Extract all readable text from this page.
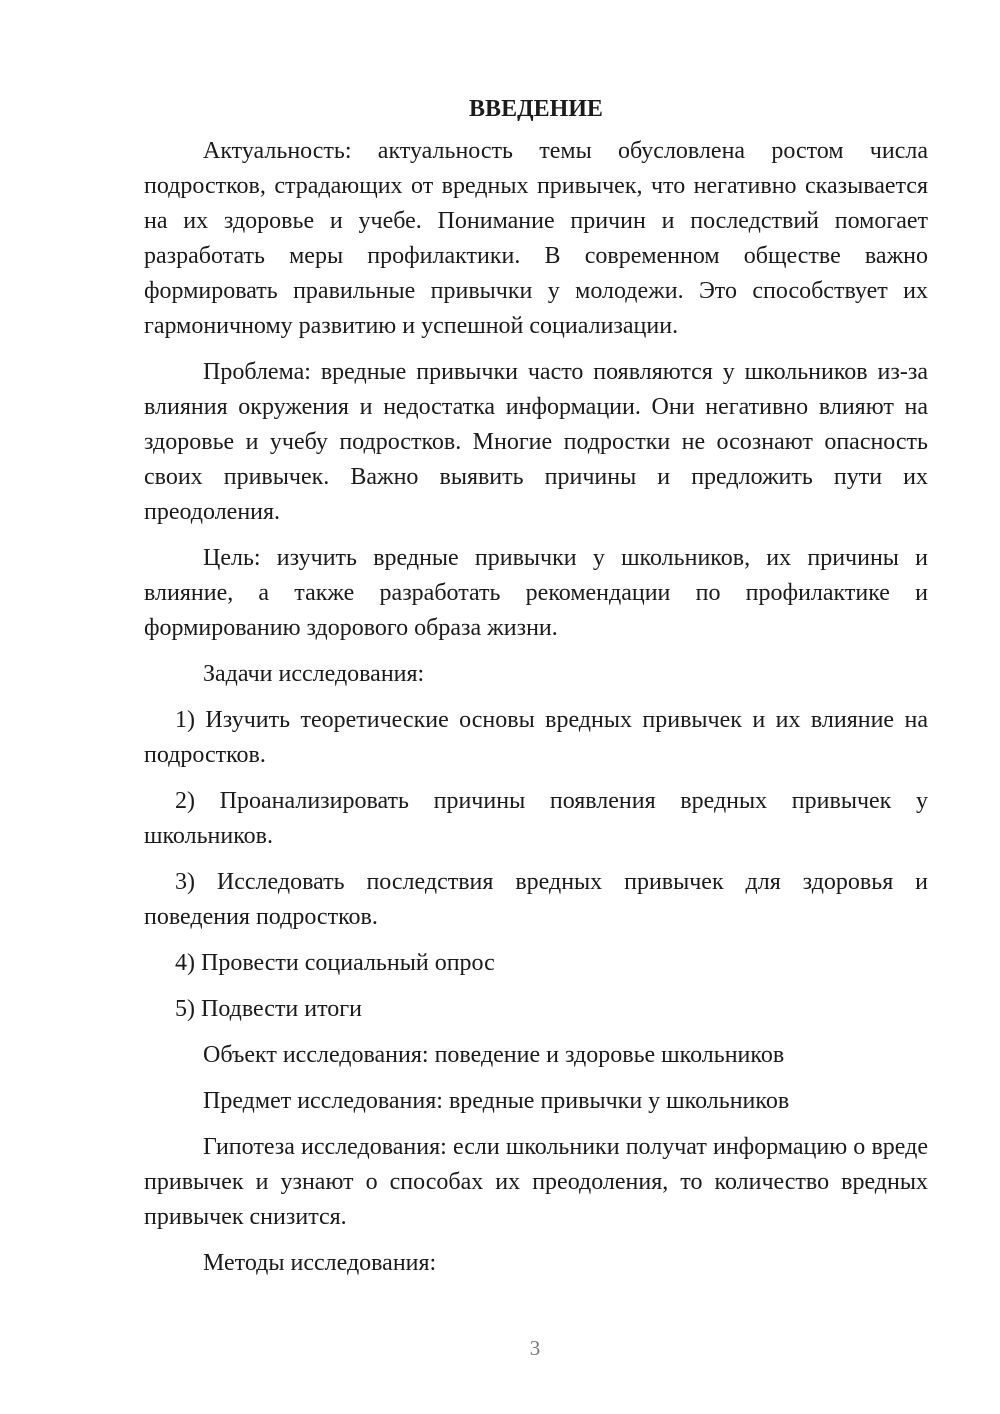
ВВЕДЕНИЕ

Актуальность: актуальность темы обусловлена ростом числа подростков, страдающих от вредных привычек, что негативно сказывается на их здоровье и учебе. Понимание причин и последствий помогает разработать меры профилактики. В современном обществе важно формировать правильные привычки у молодежи. Это способствует их гармоничному развитию и успешной социализации.

Проблема: вредные привычки часто появляются у школьников из-за влияния окружения и недостатка информации. Они негативно влияют на здоровье и учебу подростков. Многие подростки не осознают опасность своих привычек. Важно выявить причины и предложить пути их преодоления.

Цель: изучить вредные привычки у школьников, их причины и влияние, а также разработать рекомендации по профилактике и формированию здорового образа жизни.

Задачи исследования:

1) Изучить теоретические основы вредных привычек и их влияние на подростков.

2) Проанализировать причины появления вредных привычек у школьников.

3) Исследовать последствия вредных привычек для здоровья и поведения подростков.

4) Провести социальный опрос

5) Подвести итоги

Объект исследования: поведение и здоровье школьников

Предмет исследования: вредные привычки у школьников

Гипотеза исследования: если школьники получат информацию о вреде привычек и узнают о способах их преодоления, то количество вредных привычек снизится.

Методы исследования:

3
